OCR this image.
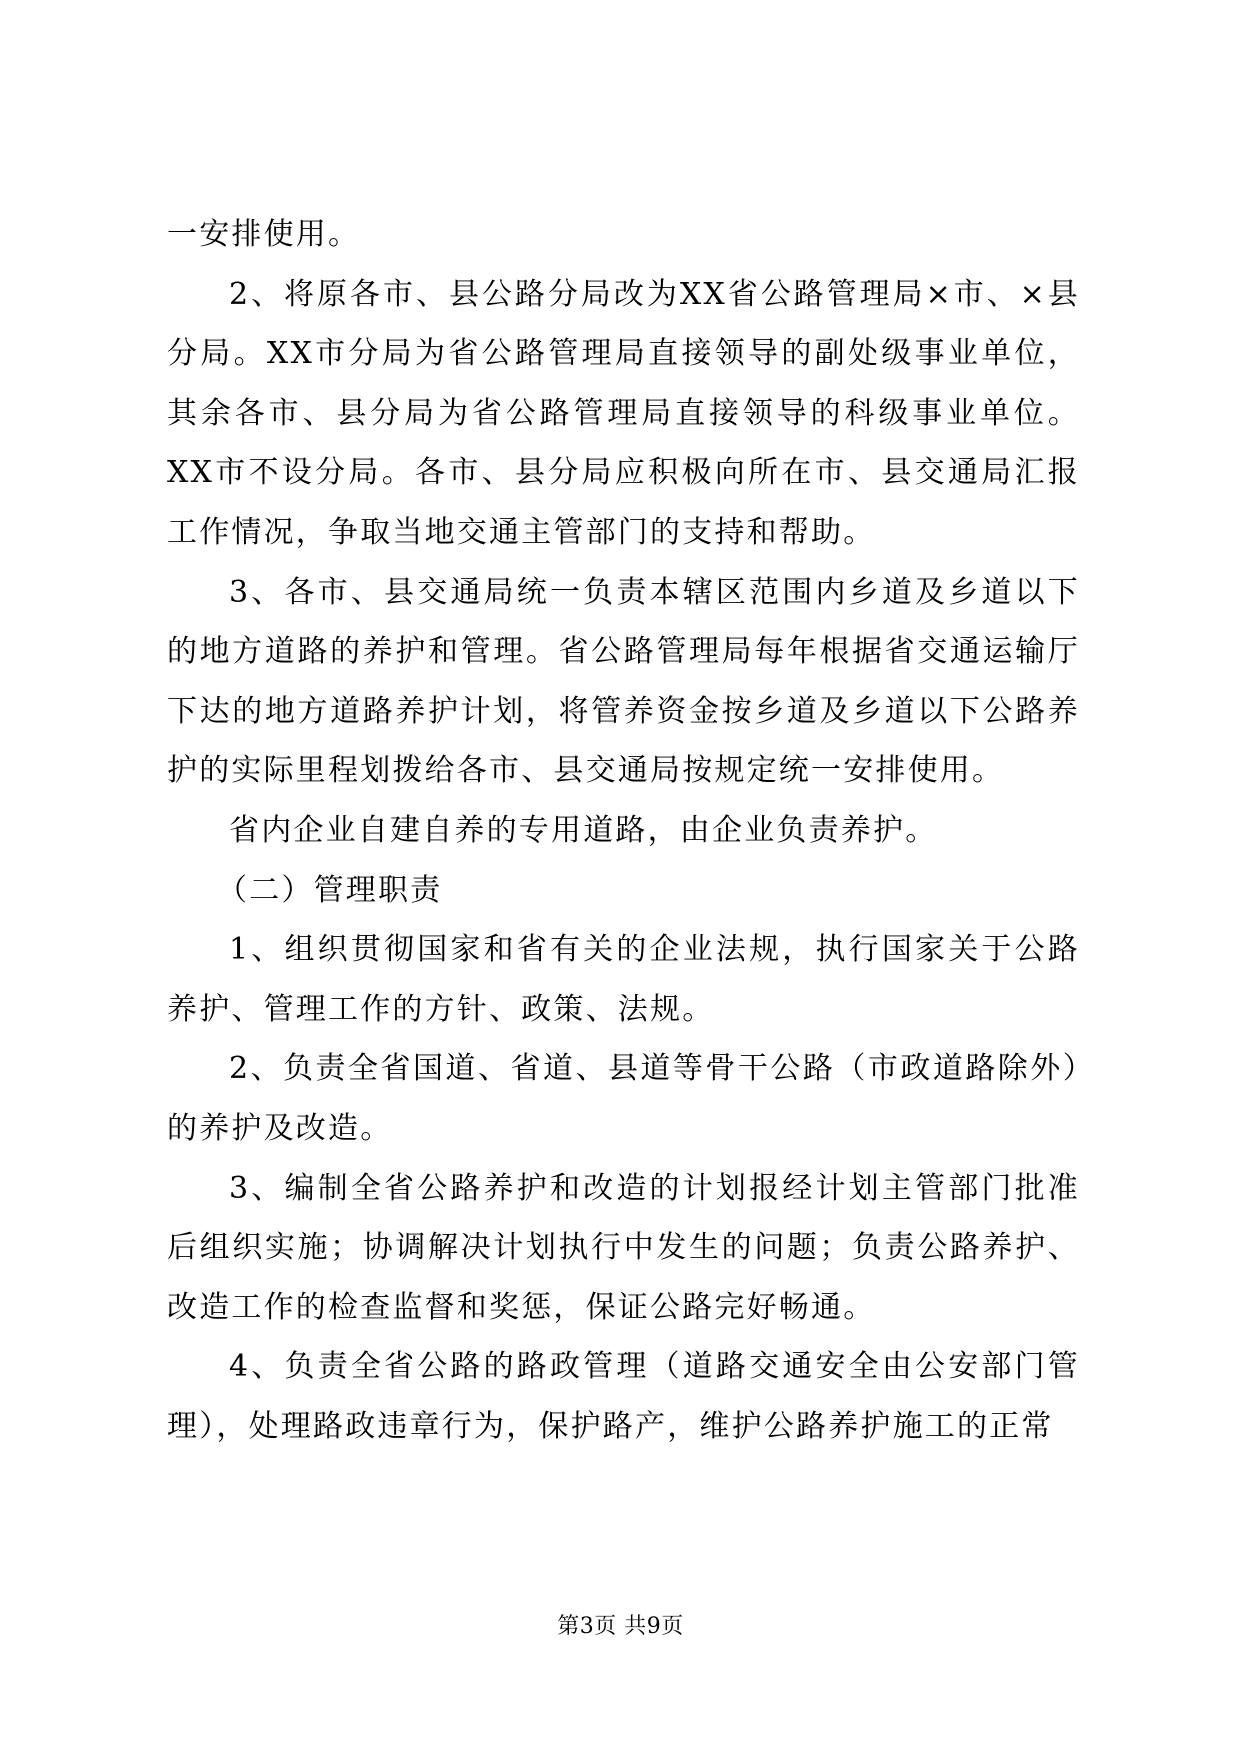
一安排使用。

2、将原各市、县公路分局改为XX省公路管理局×市、×县分局。XX市分局为省公路管理局直接领导的副处级事业单位，其余各市、县分局为省公路管理局直接领导的科级事业单位。XX市不设分局。各市、县分局应积极向所在市、县交通局汇报工作情况，争取当地交通主管部门的支持和帮助。

3、各市、县交通局统一负责本辖区范围内乡道及乡道以下的地方道路的养护和管理。省公路管理局每年根据省交通运输厅下达的地方道路养护计划，将管养资金按乡道及乡道以下公路养护的实际里程划拨给各市、县交通局按规定统一安排使用。

省内企业自建自养的专用道路，由企业负责养护。

（二）管理职责

1、组织贯彻国家和省有关的企业法规，执行国家关于公路养护、管理工作的方针、政策、法规。

2、负责全省国道、省道、县道等骨干公路（市政道路除外）的养护及改造。

3、编制全省公路养护和改造的计划报经计划主管部门批准后组织实施；协调解决计划执行中发生的问题；负责公路养护、改造工作的检查监督和奖惩，保证公路完好畅通。

4、负责全省公路的路政管理（道路交通安全由公安部门管理），处理路政违章行为，保护路产，维护公路养护施工的正常

第3页 共9页
